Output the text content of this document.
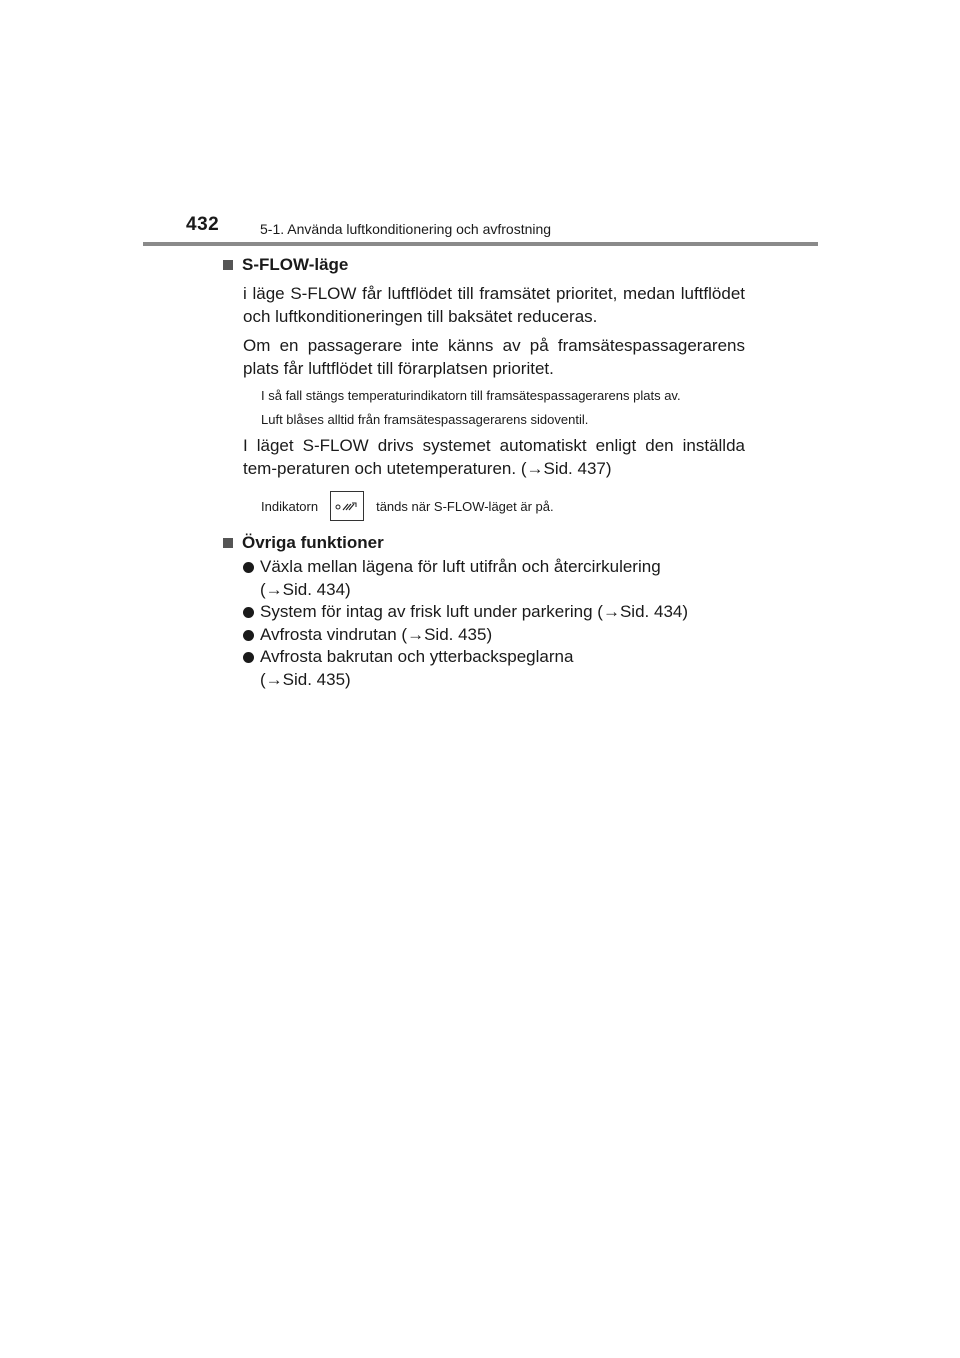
432	5-1. Använda luftkonditionering och avfrostning
S-FLOW-läge
i läge S-FLOW får luftflödet till framsätet prioritet, medan luftflödet och luftkonditioneringen till baksätet reduceras.
Om en passagerare inte känns av på framsätespassagerarens plats får luftflödet till förarplatsen prioritet.
I så fall stängs temperaturindikatorn till framsätespassagerarens plats av.
Luft blåses alltid från framsätespassagerarens sidoventil.
I läget S-FLOW drivs systemet automatiskt enligt den inställda tem-peraturen och utetemperaturen. (→Sid. 437)
Indikatorn	tänds när S-FLOW-läget är på.
Övriga funktioner
Växla mellan lägena för luft utifrån och återcirkulering
(→Sid. 434)
System för intag av frisk luft under parkering (→Sid. 434)
Avfrosta vindrutan (→Sid. 435)
Avfrosta bakrutan och ytterbackspeglarna
(→Sid. 435)
